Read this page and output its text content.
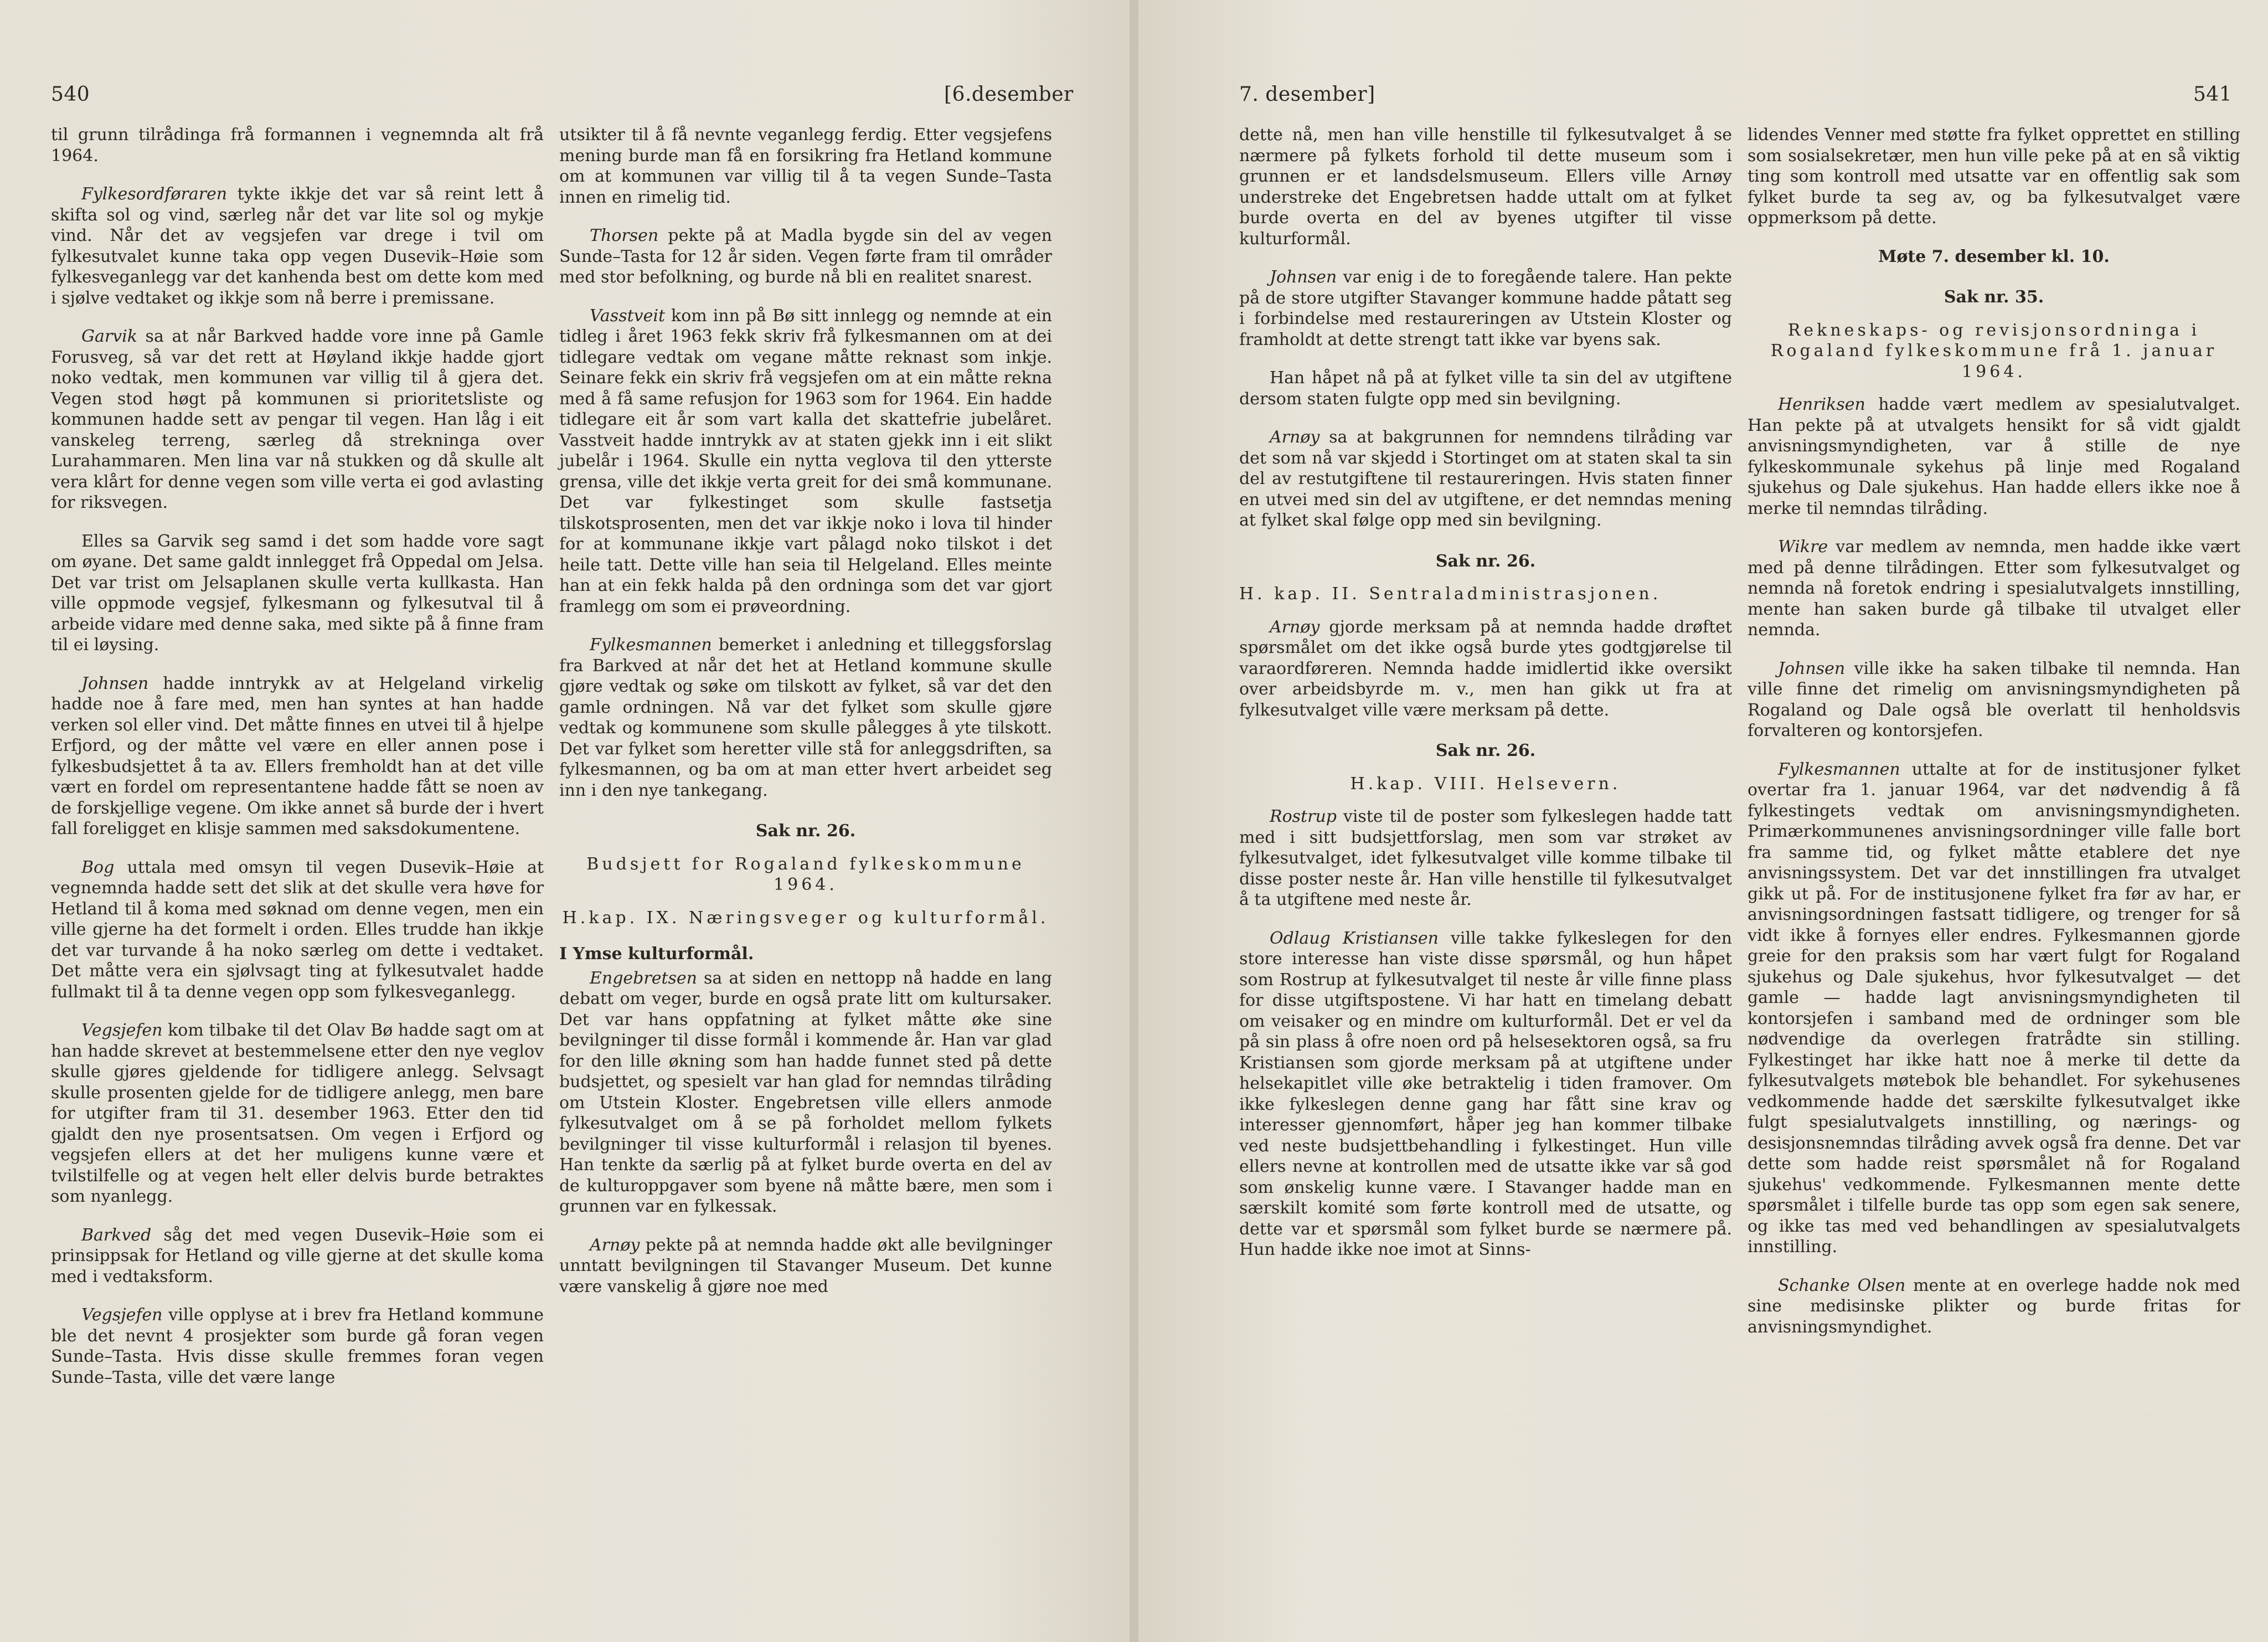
540	[6.desember

til grunn tilrådinga frå formannen i vegnemnda alt frå 1964.

Fylkesordføraren tykte ikkje det var så reint lett å skifta sol og vind, særleg når det var lite sol og mykje vind. Når det av vegsjefen var drege i tvil om fylkesutvalet kunne taka opp vegen Dusevik–Høie som fylkesveganlegg var det kanhenda best om dette kom med i sjølve vedtaket og ikkje som nå berre i premissane.

Garvik sa at når Barkved hadde vore inne på Gamle Forusveg, så var det rett at Høyland ikkje hadde gjort noko vedtak, men kommunen var villig til å gjera det. Vegen stod høgt på kommunen si prioritetsliste og kommunen hadde sett av pengar til vegen. Han låg i eit vanskeleg terreng, særleg då strekninga over Lurahammaren. Men lina var nå stukken og då skulle alt vera klårt for denne vegen som ville verta ei god avlasting for riksvegen.

Elles sa Garvik seg samd i det som hadde vore sagt om øyane. Det same galdt innlegget frå Oppedal om Jelsa. Det var trist om Jelsaplanen skulle verta kullkasta. Han ville oppmode vegsjef, fylkesmann og fylkesutval til å arbeide vidare med denne saka, med sikte på å finne fram til ei løysing.

Johnsen hadde inntrykk av at Helgeland virkelig hadde noe å fare med, men han syntes at han hadde verken sol eller vind. Det måtte finnes en utvei til å hjelpe Erfjord, og der måtte vel være en eller annen pose i fylkesbudsjettet å ta av. Ellers fremholdt han at det ville vært en fordel om representantene hadde fått se noen av de forskjellige vegene. Om ikke annet så burde der i hvert fall foreligget en klisje sammen med saksdokumentene.

Bog uttala med omsyn til vegen Dusevik–Høie at vegnemnda hadde sett det slik at det skulle vera høve for Hetland til å koma med søknad om denne vegen, men ein ville gjerne ha det formelt i orden. Elles trudde han ikkje det var turvande å ha noko særleg om dette i vedtaket. Det måtte vera ein sjølvsagt ting at fylkesutvalet hadde fullmakt til å ta denne vegen opp som fylkesveganlegg.

Vegsjefen kom tilbake til det Olav Bø hadde sagt om at han hadde skrevet at bestemmelsene etter den nye veglov skulle gjøres gjeldende for tidligere anlegg. Selvsagt skulle prosenten gjelde for de tidligere anlegg, men bare for utgifter fram til 31. desember 1963. Etter den tid gjaldt den nye prosentsatsen. Om vegen i Erfjord og vegsjefen ellers at det her muligens kunne være et tvilstilfelle og at vegen helt eller delvis burde betraktes som nyanlegg.

Barkved såg det med vegen Dusevik–Høie som ei prinsippsak for Hetland og ville gjerne at det skulle koma med i vedtaksform.

Vegsjefen ville opplyse at i brev fra Hetland kommune ble det nevnt 4 prosjekter som burde gå foran vegen Sunde–Tasta. Hvis disse skulle fremmes foran vegen Sunde–Tasta, ville det være lange

utsikter til å få nevnte veganlegg ferdig. Etter vegsjefens mening burde man få en forsikring fra Hetland kommune om at kommunen var villig til å ta vegen Sunde–Tasta innen en rimelig tid.

Thorsen pekte på at Madla bygde sin del av vegen Sunde–Tasta for 12 år siden. Vegen førte fram til områder med stor befolkning, og burde nå bli en realitet snarest.

Vasstveit kom inn på Bø sitt innlegg og nemnde at ein tidleg i året 1963 fekk skriv frå fylkesmannen om at dei tidlegare vedtak om vegane måtte reknast som inkje. Seinare fekk ein skriv frå vegsjefen om at ein måtte rekna med å få same refusjon for 1963 som for 1964. Ein hadde tidlegare eit år som vart kalla det skattefrie jubelåret. Vasstveit hadde inntrykk av at staten gjekk inn i eit slikt jubelår i 1964. Skulle ein nytta veglova til den ytterste grensa, ville det ikkje verta greit for dei små kommunane. Det var fylkestinget som skulle fastsetja tilskotsprosenten, men det var ikkje noko i lova til hinder for at kommunane ikkje vart pålagd noko tilskot i det heile tatt. Dette ville han seia til Helgeland. Elles meinte han at ein fekk halda på den ordninga som det var gjort framlegg om som ei prøveordning.

Fylkesmannen bemerket i anledning et tilleggsforslag fra Barkved at når det het at Hetland kommune skulle gjøre vedtak og søke om tilskott av fylket, så var det den gamle ordningen. Nå var det fylket som skulle gjøre vedtak og kommunene som skulle pålegges å yte tilskott. Det var fylket som heretter ville stå for anleggsdriften, sa fylkesmannen, og ba om at man etter hvert arbeidet seg inn i den nye tankegang.

Sak nr. 26.

Budsjett for Rogaland fylkeskommune 1964.

H.kap. IX. Næringsveger og kulturformål.

I Ymse kulturformål.

Engebretsen sa at siden en nettopp nå hadde en lang debatt om veger, burde en også prate litt om kultursaker. Det var hans oppfatning at fylket måtte øke sine bevilgninger til disse formål i kommende år. Han var glad for den lille økning som han hadde funnet sted på dette budsjettet, og spesielt var han glad for nemndas tilråding om Utstein Kloster. Engebretsen ville ellers anmode fylkesutvalget om å se på forholdet mellom fylkets bevilgninger til visse kulturformål i relasjon til byenes. Han tenkte da særlig på at fylket burde overta en del av de kulturoppgaver som byene nå måtte bære, men som i grunnen var en fylkessak.

Arnøy pekte på at nemnda hadde økt alle bevilgninger unntatt bevilgningen til Stavanger Museum. Det kunne være vanskelig å gjøre noe med

7. desember]	541

dette nå, men han ville henstille til fylkesutvalget å se nærmere på fylkets forhold til dette museum som i grunnen er et landsdelsmuseum. Ellers ville Arnøy understreke det Engebretsen hadde uttalt om at fylket burde overta en del av byenes utgifter til visse kulturformål.

Johnsen var enig i de to foregående talere. Han pekte på de store utgifter Stavanger kommune hadde påtatt seg i forbindelse med restaureringen av Utstein Kloster og framholdt at dette strengt tatt ikke var byens sak.

Han håpet nå på at fylket ville ta sin del av utgiftene dersom staten fulgte opp med sin bevilgning.

Arnøy sa at bakgrunnen for nemndens tilråding var det som nå var skjedd i Stortinget om at staten skal ta sin del av restutgiftene til restaureringen. Hvis staten finner en utvei med sin del av utgiftene, er det nemndas mening at fylket skal følge opp med sin bevilgning.

Sak nr. 26.

H. kap. II. Sentraladministrasjonen.

Arnøy gjorde merksam på at nemnda hadde drøftet spørsmålet om det ikke også burde ytes godtgjørelse til varaordføreren. Nemnda hadde imidlertid ikke oversikt over arbeidsbyrde m. v., men han gikk ut fra at fylkesutvalget ville være merksam på dette.

Sak nr. 26.

H.kap. VIII. Helsevern.

Rostrup viste til de poster som fylkeslegen hadde tatt med i sitt budsjettforslag, men som var strøket av fylkesutvalget, idet fylkesutvalget ville komme tilbake til disse poster neste år. Han ville henstille til fylkesutvalget å ta utgiftene med neste år.

Odlaug Kristiansen ville takke fylkeslegen for den store interesse han viste disse spørsmål, og hun håpet som Rostrup at fylkesutvalget til neste år ville finne plass for disse utgiftspostene. Vi har hatt en timelang debatt om veisaker og en mindre om kulturformål. Det er vel da på sin plass å ofre noen ord på helsesektoren også, sa fru Kristiansen som gjorde merksam på at utgiftene under helsekapitlet ville øke betraktelig i tiden framover. Om ikke fylkeslegen denne gang har fått sine krav og interesser gjennomført, håper jeg han kommer tilbake ved neste budsjettbehandling i fylkestinget. Hun ville ellers nevne at kontrollen med de utsatte ikke var så god som ønskelig kunne være. I Stavanger hadde man en særskilt komité som førte kontroll med de utsatte, og dette var et spørsmål som fylket burde se nærmere på. Hun hadde ikke noe imot at Sinns-

lidendes Venner med støtte fra fylket opprettet en stilling som sosialsekretær, men hun ville peke på at en så viktig ting som kontroll med utsatte var en offentlig sak som fylket burde ta seg av, og ba fylkesutvalget være oppmerksom på dette.

Møte 7. desember kl. 10.

Sak nr. 35.

Rekneskaps- og revisjonsordninga i Rogaland fylkeskommune frå 1. januar 1964.

Henriksen hadde vært medlem av spesialutvalget. Han pekte på at utvalgets hensikt for så vidt gjaldt anvisningsmyndigheten, var å stille de nye fylkeskommunale sykehus på linje med Rogaland sjukehus og Dale sjukehus. Han hadde ellers ikke noe å merke til nemndas tilråding.

Wikre var medlem av nemnda, men hadde ikke vært med på denne tilrådingen. Etter som fylkesutvalget og nemnda nå foretok endring i spesialutvalgets innstilling, mente han saken burde gå tilbake til utvalget eller nemnda.

Johnsen ville ikke ha saken tilbake til nemnda. Han ville finne det rimelig om anvisningsmyndigheten på Rogaland og Dale også ble overlatt til henholdsvis forvalteren og kontorsjefen.

Fylkesmannen uttalte at for de institusjoner fylket overtar fra 1. januar 1964, var det nødvendig å få fylkestingets vedtak om anvisningsmyndigheten. Primærkommunenes anvisningsordninger ville falle bort fra samme tid, og fylket måtte etablere det nye anvisningssystem. Det var det innstillingen fra utvalget gikk ut på. For de institusjonene fylket fra før av har, er anvisningsordningen fastsatt tidligere, og trenger for så vidt ikke å fornyes eller endres. Fylkesmannen gjorde greie for den praksis som har vært fulgt for Rogaland sjukehus og Dale sjukehus, hvor fylkesutvalget — det gamle — hadde lagt anvisningsmyndigheten til kontorsjefen i samband med de ordninger som ble nødvendige da overlegen fratrådte sin stilling. Fylkestinget har ikke hatt noe å merke til dette da fylkesutvalgets møtebok ble behandlet. For sykehusenes vedkommende hadde det særskilte fylkesutvalget ikke fulgt spesialutvalgets innstilling, og nærings- og desisjonsnemndas tilråding avvek også fra denne. Det var dette som hadde reist spørsmålet nå for Rogaland sjukehus' vedkommende. Fylkesmannen mente dette spørsmålet i tilfelle burde tas opp som egen sak senere, og ikke tas med ved behandlingen av spesialutvalgets innstilling.

Schanke Olsen mente at en overlege hadde nok med sine medisinske plikter og burde fritas for anvisningsmyndighet.
